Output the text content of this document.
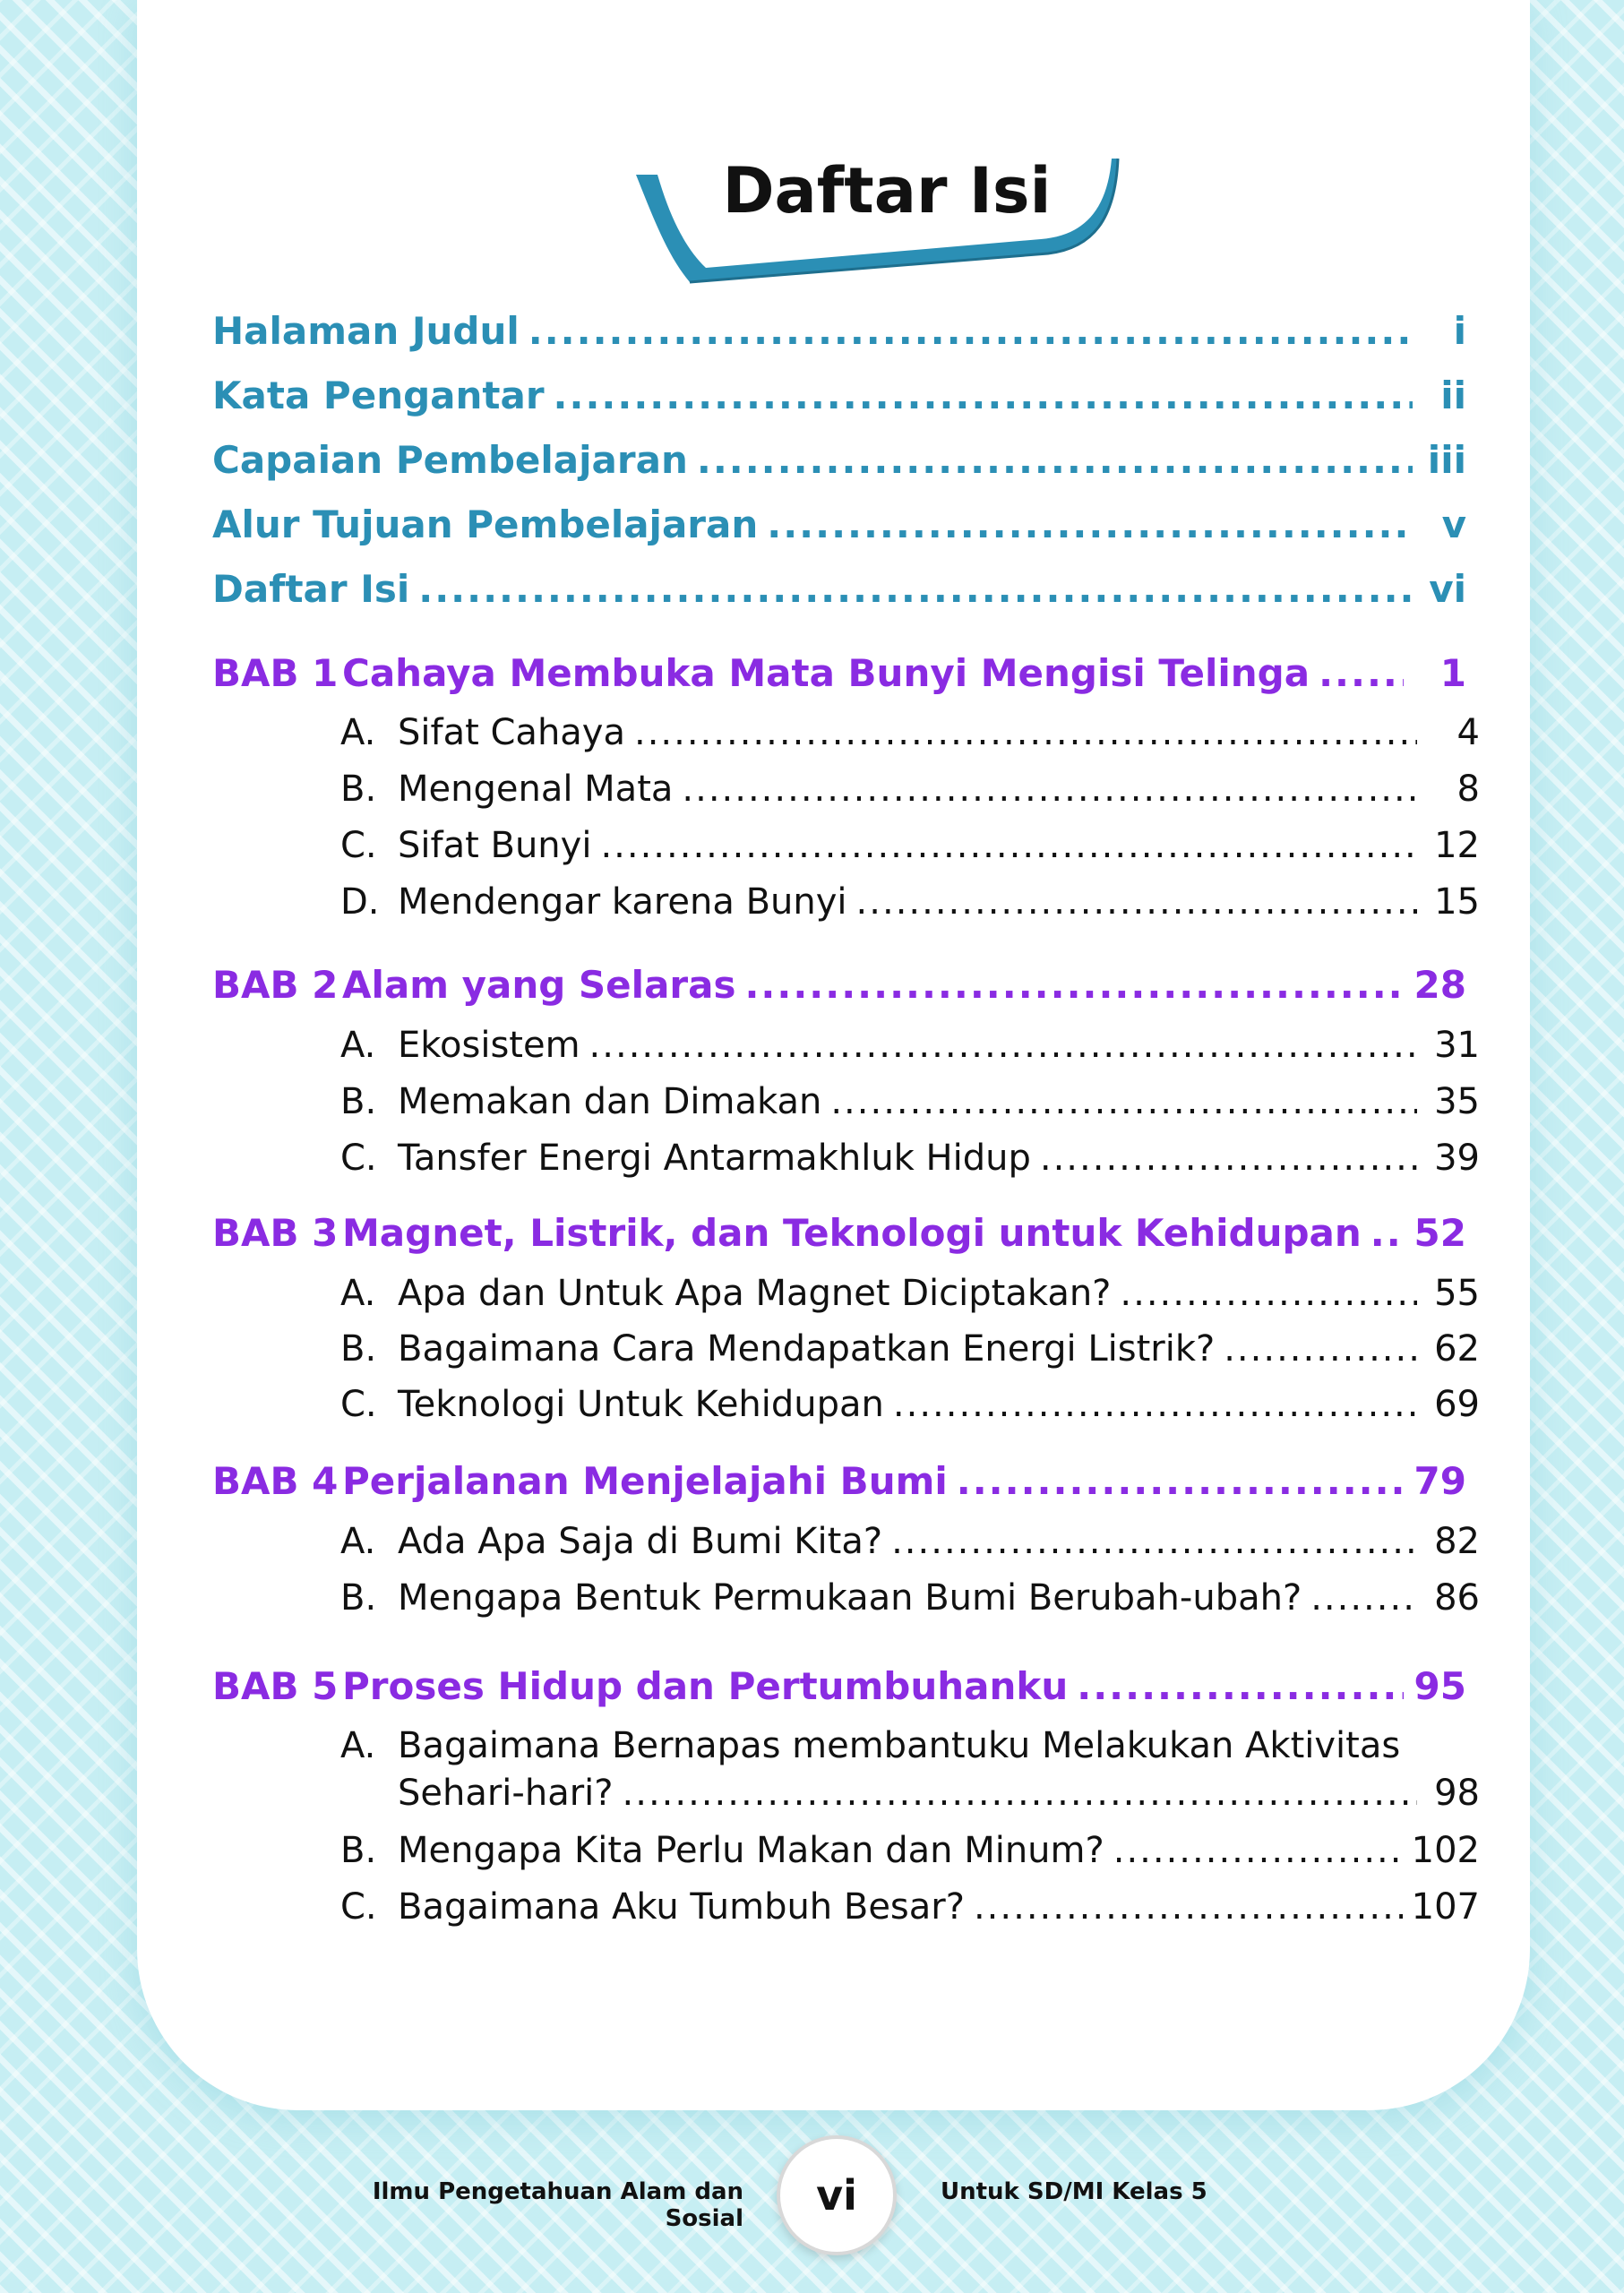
Daftar Isi
Halaman Judul .....	i
Kata Pengantar .....	ii
Capaian Pembelajaran .....	iii
Alur Tujuan Pembelajaran .....	v
Daftar Isi .....	vi
BAB 1 Cahaya Membuka Mata Bunyi Mengisi Telinga .....	1
A. Sifat Cahaya .....	4
B. Mengenal Mata .....	8
C. Sifat Bunyi .....	12
D. Mendengar karena Bunyi .....	15
BAB 2 Alam yang Selaras .....	28
A. Ekosistem .....	31
B. Memakan dan Dimakan .....	35
C. Tansfer Energi Antarmakhluk Hidup .....	39
BAB 3 Magnet, Listrik, dan Teknologi untuk Kehidupan ..... 52
A. Apa dan Untuk Apa Magnet Diciptakan? .....	55
B. Bagaimana Cara Mendapatkan Energi Listrik? .....	62
C. Teknologi Untuk Kehidupan .....	69
BAB 4 Perjalanan Menjelajahi Bumi .....	79
A. Ada Apa Saja di Bumi Kita? .....	82
B. Mengapa Bentuk Permukaan Bumi Berubah-ubah? .....	86
BAB 5 Proses Hidup dan Pertumbuhanku .....	95
A. Bagaimana Bernapas membantuku Melakukan Aktivitas
Sehari-hari? .....	98
B. Mengapa Kita Perlu Makan dan Minum? .....	102
C. Bagaimana Aku Tumbuh Besar? .....	107
Ilmu Pengetahuan Alam dan Sosial	vi	Untuk SD/MI Kelas 5
